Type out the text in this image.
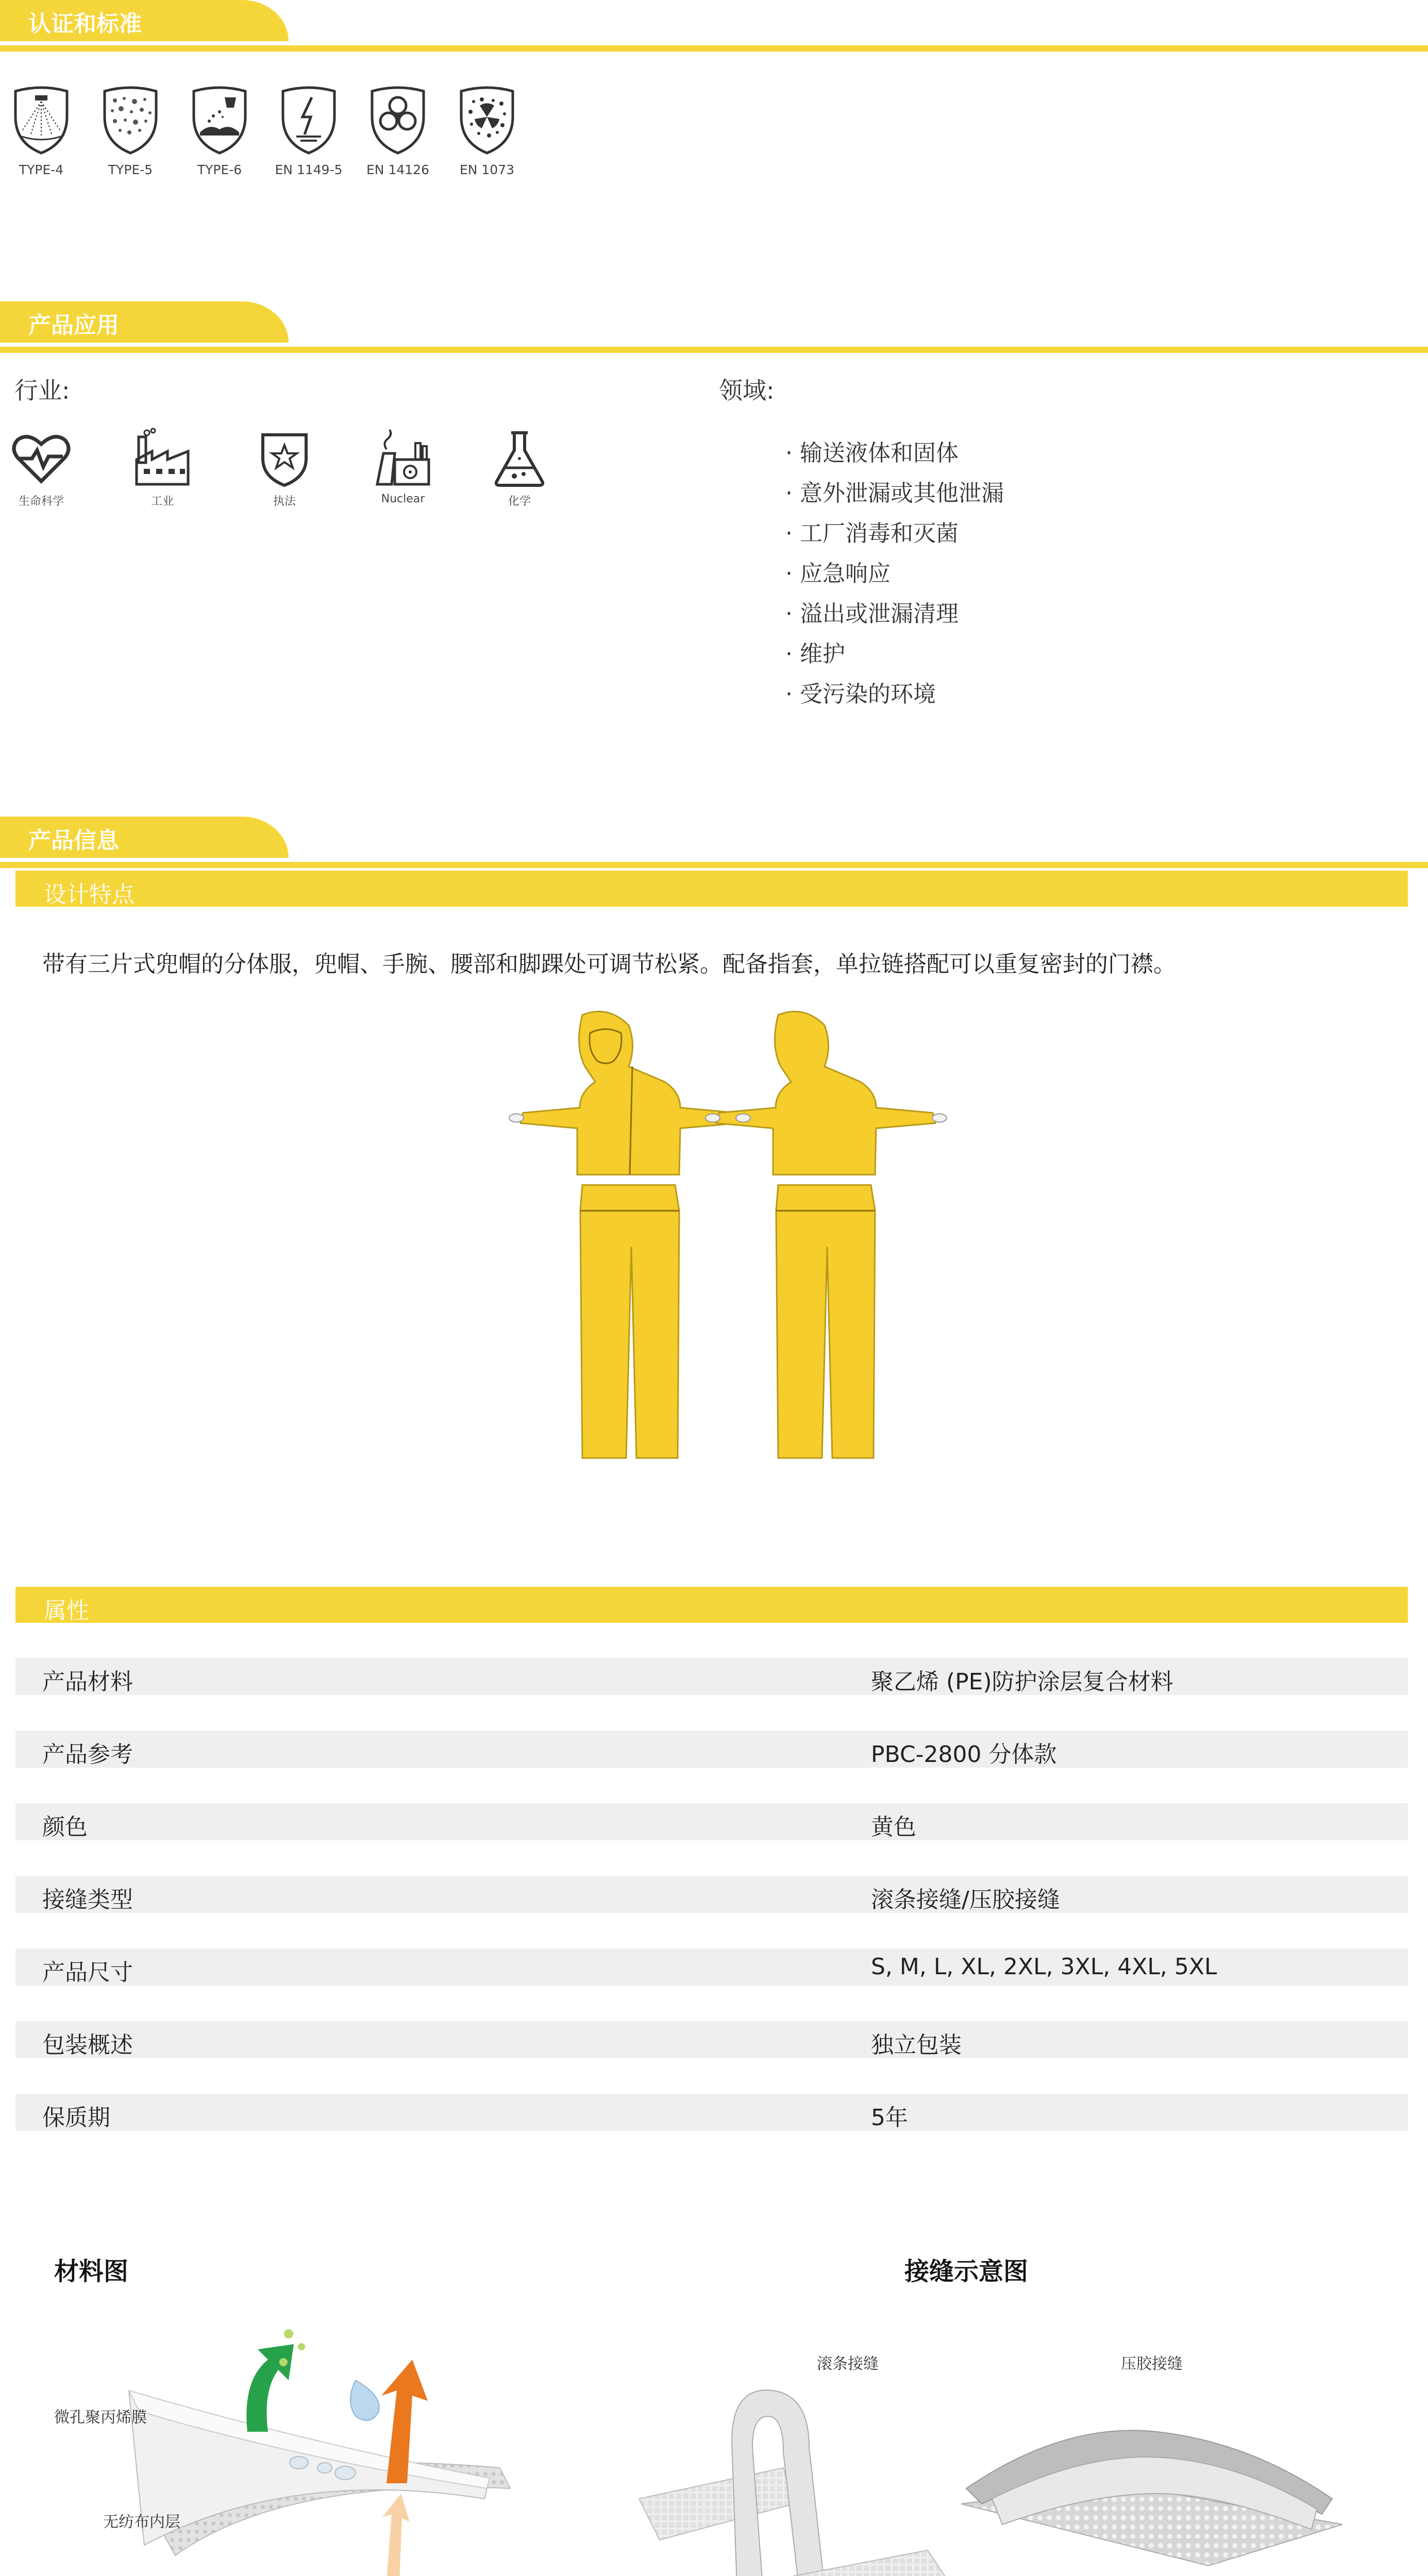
认证和标准
TYPE-4	TYPE-5	TYPE-6	EN 1149-5	EN 14126	EN 1073
产品应用
行业:	领域:
生命科学	工业	执法	Nuclear	化学
· 输送液体和固体
· 意外泄漏或其他泄漏
· 工厂消毒和灭菌
· 应急响应
· 溢出或泄漏清理
· 维护
· 受污染的环境
产品信息
设计特点
带有三片式兜帽的分体服，兜帽、手腕、腰部和脚踝处可调节松紧。配备指套，单拉链搭配可以重复密封的门襟。
属性
产品材料	聚乙烯 (PE)防护涂层复合材料
产品参考	PBC-2800 分体款
颜色	黄色
接缝类型	滚条接缝/压胶接缝
产品尺寸	S, M, L, XL, 2XL, 3XL, 4XL, 5XL
包装概述	独立包装
保质期	5年
材料图	接缝示意图
微孔聚丙烯膜
无纺布内层
滚条接缝	压胶接缝
